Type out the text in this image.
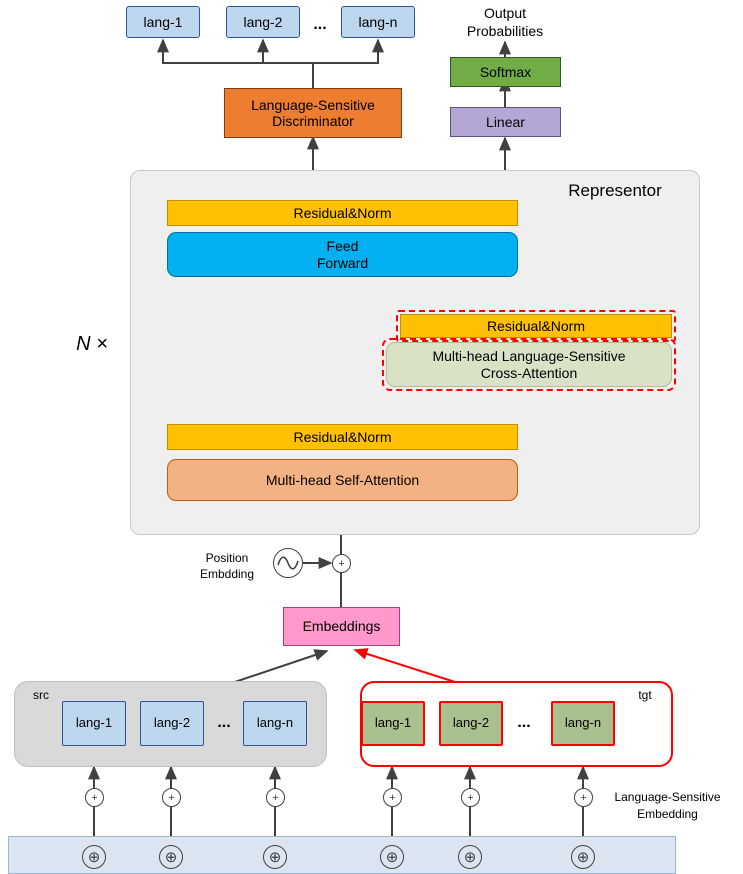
lang-1	lang-2	...	lang-n
Output
Probabilities
Softmax
Linear
Language-Sensitive
Discriminator
Representor
N ×
Residual&Norm
Feed
Forward
Residual&Norm
Multi-head Language-Sensitive
Cross-Attention
Residual&Norm
Multi-head Self-Attention
Position
Embdding
+
Embeddings
src
lang-1	lang-2	...	lang-n
tgt
lang-1	lang-2	...	lang-n
+	+	+	+	+	+	Language-Sensitive
Embedding
⊕	⊕	⊕	⊕	⊕	⊕
